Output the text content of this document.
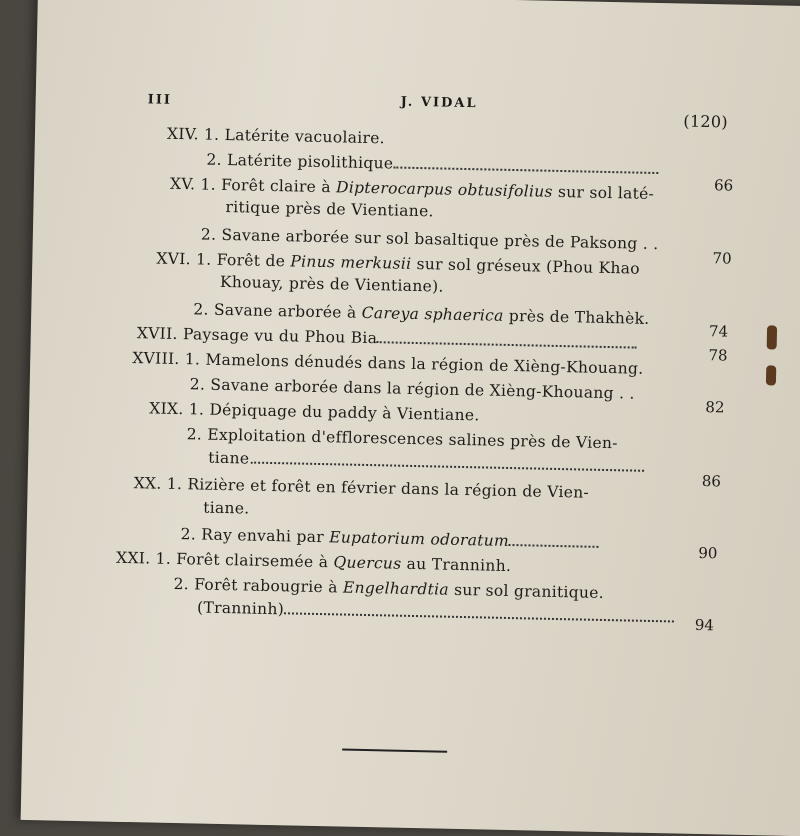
III	J. VIDAL
(120)
XIV. 1. Latérite vacuolaire.
2. Latérite pisolithique
66
XV. 1. Forêt claire à Dipterocarpus obtusifolius sur sol laté-
ritique près de Vientiane.
2. Savane arborée sur sol basaltique près de Paksong . .
70
XVI. 1. Forêt de Pinus merkusii sur sol gréseux (Phou Khao
Khouay, près de Vientiane).
2. Savane arborée à Careya sphaerica près de Thakhèk.
74
XVII. Paysage vu du Phou Bia
78
XVIII. 1. Mamelons dénudés dans la région de Xièng-Khouang.
2. Savane arborée dans la région de Xièng-Khouang . .
82
XIX. 1. Dépiquage du paddy à Vientiane.
2. Exploitation d'efflorescences salines près de Vien-
tiane.
86
XX. 1. Rizière et forêt en février dans la région de Vien-
tiane.
2. Ray envahi par Eupatorium odoratum
90
XXI. 1. Forêt clairsemée à Quercus au Tranninh.
2. Forêt rabougrie à Engelhardtia sur sol granitique.
(Tranninh)
94
